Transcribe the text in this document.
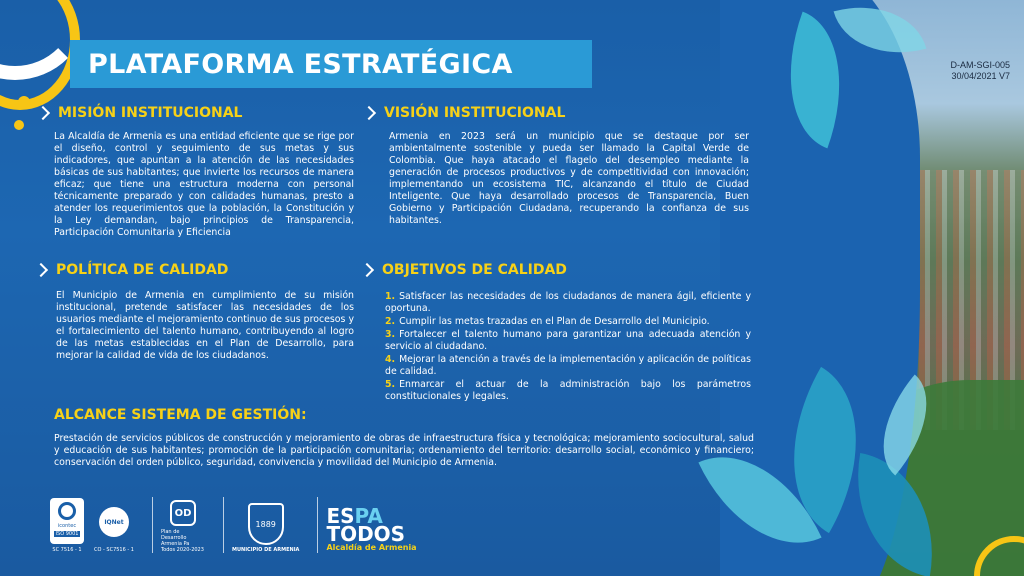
D-AM-SGI-005
30/04/2021 V7
PLATAFORMA ESTRATÉGICA
MISIÓN INSTITUCIONAL

La Alcaldía de Armenia es una entidad eficiente que se rige por el diseño, control y seguimiento de sus metas y sus indicadores, que apuntan a la atención de las necesidades básicas de sus habitantes; que invierte los recursos de manera eficaz; que tiene una estructura moderna con personal técnicamente preparado y con calidades humanas, presto a atender los requerimientos que la población, la Constitución y la Ley demandan, bajo principios de Transparencia, Participación Comunitaria y Eficiencia

VISIÓN INSTITUCIONAL

Armenia en 2023 será un municipio que se destaque por ser ambientalmente sostenible y pueda ser llamado la Capital Verde de Colombia. Que haya atacado el flagelo del desempleo mediante la generación de procesos productivos y de competitividad con innovación; implementando un ecosistema TIC, alcanzando el título de Ciudad Inteligente. Que haya desarrollado procesos de Transparencia, Buen Gobierno y Participación Ciudadana, recuperando la confianza de sus habitantes.

POLÍTICA DE CALIDAD

El Municipio de Armenia en cumplimiento de su misión institucional, pretende satisfacer las necesidades de los usuarios mediante el mejoramiento continuo de sus procesos y el fortalecimiento del talento humano, contribuyendo al logro de las metas establecidas en el Plan de Desarrollo, para mejorar la calidad de vida de los ciudadanos.

OBJETIVOS DE CALIDAD
1. Satisfacer las necesidades de los ciudadanos de manera ágil, eficiente y oportuna.
2. Cumplir las metas trazadas en el Plan de Desarrollo del Municipio.
3. Fortalecer el talento humano para garantizar una adecuada atención y servicio al ciudadano.
4. Mejorar la atención a través de la implementación y aplicación de políticas de calidad.
5. Enmarcar el actuar de la administración bajo los parámetros constitucionales y legales.
ALCANCE SISTEMA DE GESTIÓN:

Prestación de servicios públicos de construcción y mejoramiento de obras de infraestructura física y tecnológica; mejoramiento sociocultural, salud y educación de sus habitantes; promoción de la participación comunitaria; ordenamiento del territorio: desarrollo social, económico y financiero; conservación del orden público, seguridad, convivencia y movilidad del Municipio de Armenia.

icontec
ISO 9001
SC 7516 - 1
IQNet
CO - SC7516 - 1
OD
Plan de Desarrollo Armenia Pa Todos 2020-2023
1889
MUNICIPIO DE ARMENIA
ESPA
TODOS
Alcaldía de Armenia
